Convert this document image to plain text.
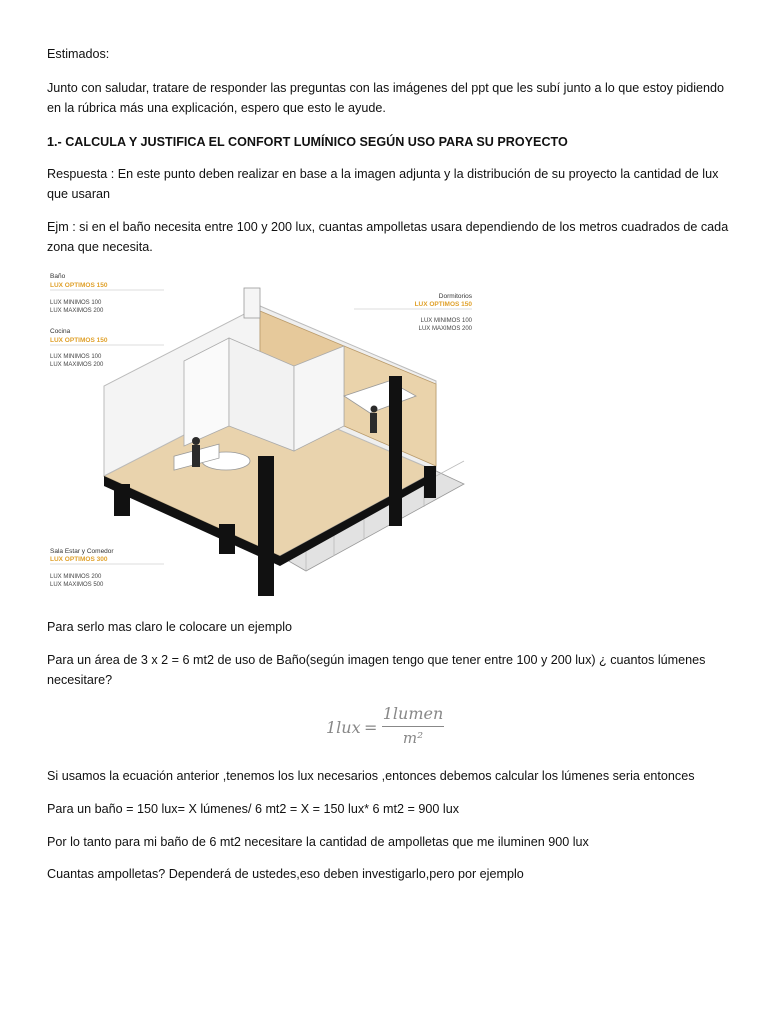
Estimados:

Junto con saludar, tratare de responder las preguntas con las imágenes del ppt que les subí junto a lo que estoy pidiendo en la rúbrica más una explicación, espero que esto le ayude.

1.- CALCULA Y JUSTIFICA EL CONFORT LUMÍNICO SEGÚN USO PARA SU PROYECTO

Respuesta : En este punto deben realizar en base a la imagen adjunta y la distribución de su proyecto la cantidad de lux que usaran

Ejm : si en el baño necesita entre 100 y 200 lux, cuantas ampolletas usara dependiendo de los metros cuadrados de cada zona que necesita.

Baño
LUX OPTIMOS 150
LUX MINIMOS 100
LUX MAXIMOS 200
Cocina
LUX OPTIMOS 150
LUX MINIMOS 100
LUX MAXIMOS 200
Dormitorios
LUX OPTIMOS 150
LUX MINIMOS 100
LUX MAXIMOS 200
Sala Estar y Comedor
LUX OPTIMOS 300
LUX MINIMOS 200
LUX MAXIMOS 500

Para serlo mas claro le colocare un ejemplo

Para un área de 3 x 2 = 6 mt2 de uso de Baño(según imagen tengo que tener entre 100 y 200 lux) ¿ cuantos lúmenes necesitare?

1lux =
1lumen
m²

Si usamos la ecuación anterior ,tenemos los lux necesarios ,entonces debemos calcular los lúmenes seria entonces

Para un baño = 150 lux= X lúmenes/ 6 mt2 = X = 150 lux* 6 mt2 = 900 lux

Por lo tanto para mi baño de 6 mt2 necesitare la cantidad de ampolletas que me iluminen 900 lux

Cuantas ampolletas? Dependerá de ustedes,eso deben investigarlo,pero por ejemplo
